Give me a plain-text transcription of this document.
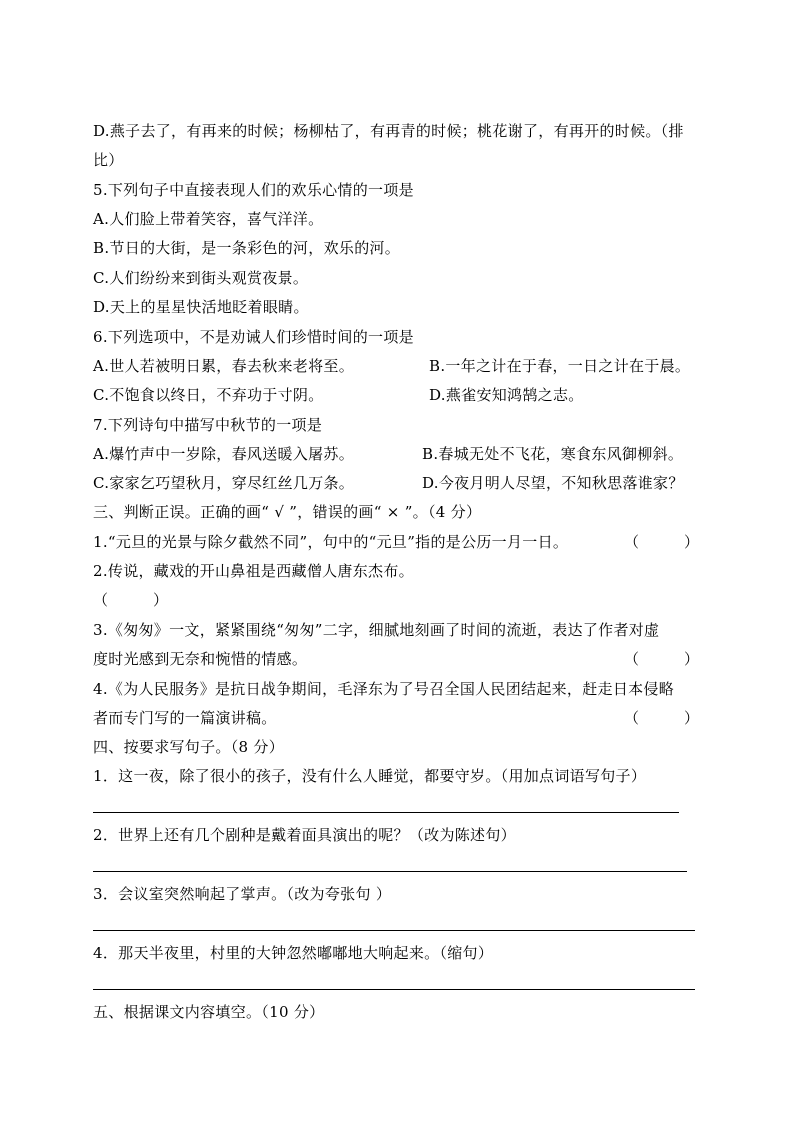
D.燕子去了，有再来的时候；杨柳枯了，有再青的时候；桃花谢了，有再开的时候。（排
比）
5.下列句子中直接表现人们的欢乐心情的一项是
A.人们脸上带着笑容，喜气洋洋。
B.节日的大街，是一条彩色的河，欢乐的河。
C.人们纷纷来到街头观赏夜景。
D.天上的星星快活地眨着眼睛。
6.下列选项中，不是劝诫人们珍惜时间的一项是
A.世人若被明日累，春去秋来老将至。	B.一年之计在于春，一日之计在于晨。
C.不饱食以终日，不弃功于寸阴。	D.燕雀安知鸿鹄之志。
7.下列诗句中描写中秋节的一项是
A.爆竹声中一岁除，春风送暖入屠苏。	B.春城无处不飞花，寒食东风御柳斜。
C.家家乞巧望秋月，穿尽红丝几万条。	D.今夜月明人尽望，不知秋思落谁家？
三、判断正误。正确的画“ √ ”，错误的画“ × ”。（4 分）
1.“元旦的光景与除夕截然不同”，句中的“元旦”指的是公历一月一日。	（　　　）
2.传说，藏戏的开山鼻祖是西藏僧人唐东杰布。
（　　　）
3.《匆匆》一文，紧紧围绕“匆匆”二字，细腻地刻画了时间的流逝，表达了作者对虚
度时光感到无奈和惋惜的情感。	（　　　）
4.《为人民服务》是抗日战争期间，毛泽东为了号召全国人民团结起来，赶走日本侵略
者而专门写的一篇演讲稿。	（　　　）
四、按要求写句子。（8 分）
1．这一夜，除了很小的孩子，没有什么人睡觉，都要守岁。（用加点词语写句子）
2．世界上还有几个剧种是戴着面具演出的呢？（改为陈述句）
3．会议室突然响起了掌声。（改为夸张句 ）
4．那天半夜里，村里的大钟忽然嘟嘟地大响起来。（缩句）
五、根据课文内容填空。（10 分）
